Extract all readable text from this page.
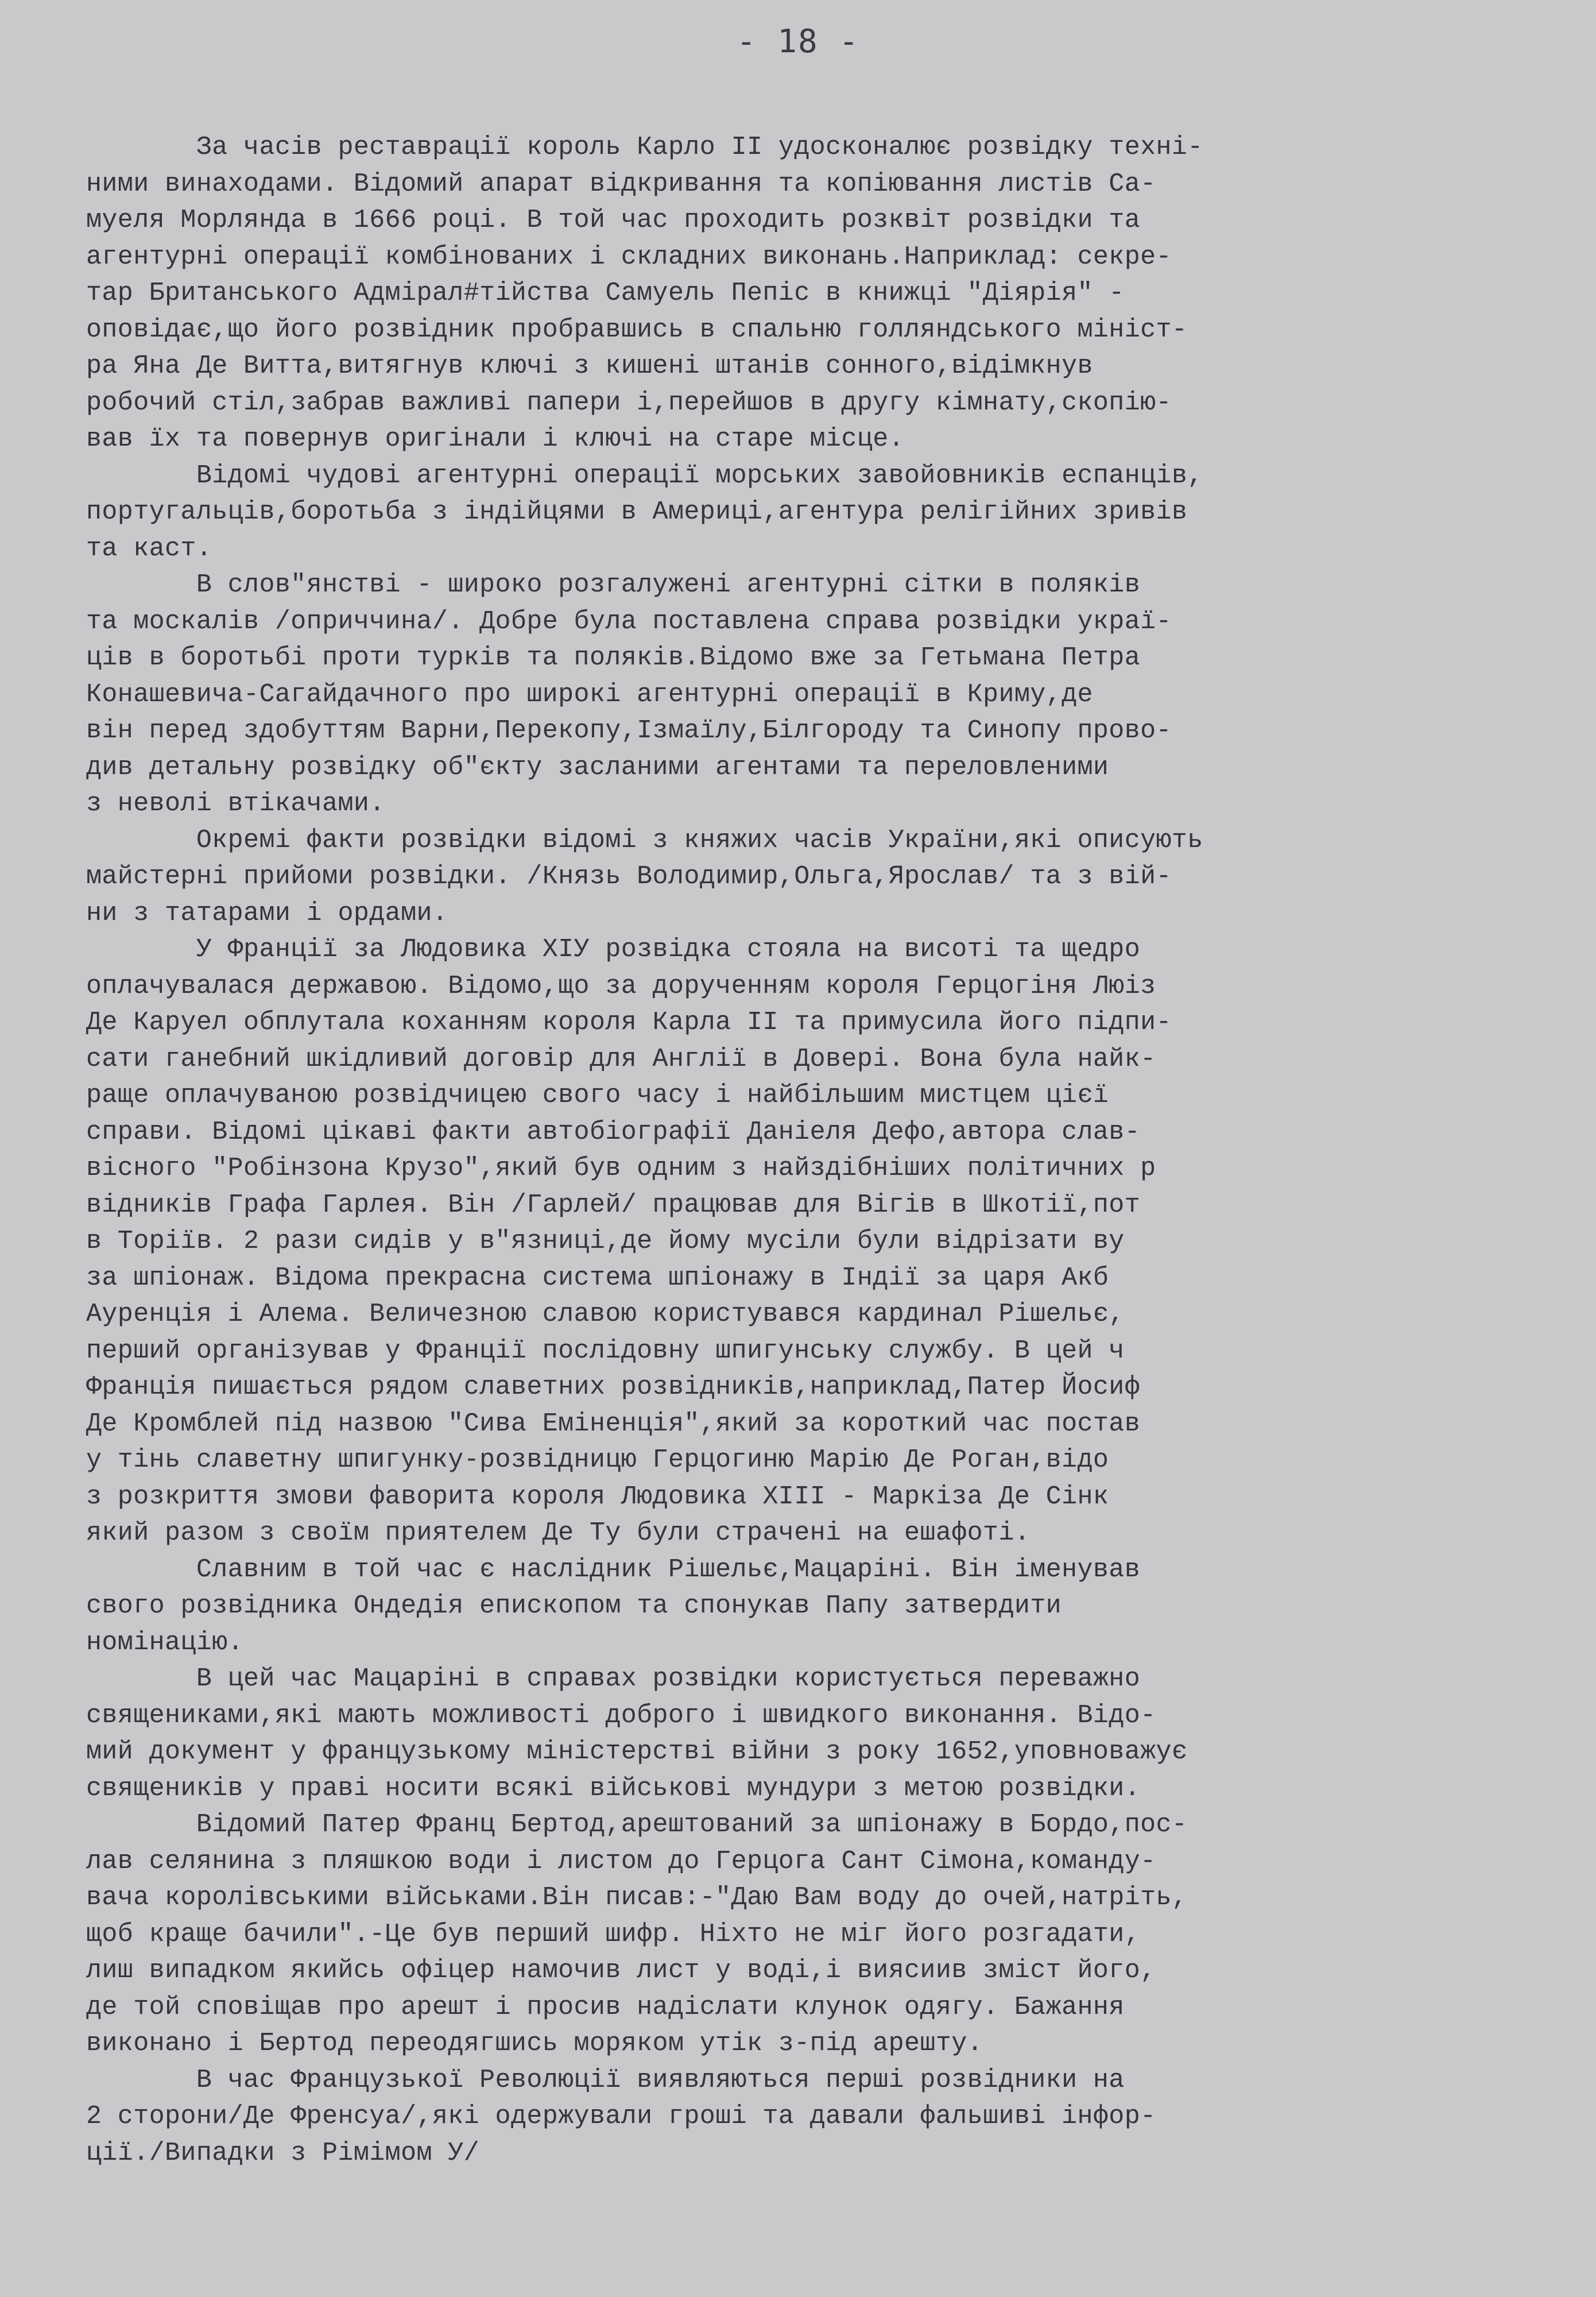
- 18 -
За часів реставрації король Карло II удосконалює розвідку техні-
ними винаходами. Відомий апарат відкривання та копіювання листів Са-
муеля Морлянда в 1666 році. В той час проходить розквіт розвідки та
агентурні операції комбінованих і складних виконань.Наприклад: секре-
тар Британського Адмірал#тійства Самуель Пепіс в книжці "Діярія" -
оповідає,що його розвідник пробравшись в спальню голляндського мініст-
ра Яна Де Витта,витягнув ключі з кишені штанів сонного,відімкнув
робочий стіл,забрав важливі папери і,перейшов в другу кімнату,скопію-
вав їх та повернув оригінали і ключі на старе місце.
Відомі чудові агентурні операції морських завойовників еспанців,
португальців,боротьба з індійцями в Америці,агентура релігійних зривів
та каст.
В слов"янстві - широко розгалужені агентурні сітки в поляків
та москалів /оприччина/. Добре була поставлена справа розвідки украї-
ців в боротьбі проти турків та поляків.Відомо вже за Гетьмана Петра
Конашевича-Сагайдачного про широкі агентурні операції в Криму,де
він перед здобуттям Варни,Перекопу,Ізмаїлу,Білгороду та Синопу прово-
див детальну розвідку об"єкту засланими агентами та переловленими
з неволі втікачами.
Окремі факти розвідки відомі з княжих часів України,які описують
майстерні прийоми розвідки. /Князь Володимир,Ольга,Ярослав/ та з вій-
ни з татарами і ордами.
У Франції за Людовика XIУ розвідка стояла на висоті та щедро
оплачувалася державою. Відомо,що за дорученням короля Герцогіня Люіз
Де Каруел обплутала коханням короля Карла II та примусила його підпи-
сати ганебний шкідливий договір для Англії в Довері. Вона була найк-
раще оплачуваною розвідчицею свого часу і найбільшим мистцем цієї
справи. Відомі цікаві факти автобіографії Даніеля Дефо,автора слав-
вісного "Робінзона Крузо",який був одним з найздібніших політичних р
відників Графа Гарлея. Він /Гарлей/ працював для Вігів в Шкотії,пот
в Торіїв. 2 рази сидів у в"язниці,де йому мусіли були відрізати ву
за шпіонаж. Відома прекрасна система шпіонажу в Індії за царя Акб
Ауренція і Алема. Величезною славою користувався кардинал Рішельє,
перший організував у Франції послідовну шпигунську службу. В цей ч
Франція пишається рядом славетних розвідників,наприклад,Патер Йосиф
Де Кромблей під назвою "Сива Еміненція",який за короткий час постав
у тінь славетну шпигунку-розвідницю Герцогиню Марію Де Роган,відо
з розкриття змови фаворита короля Людовика XIII - Маркіза Де Сінк
який разом з своїм приятелем Де Ту були страчені на ешафоті.
Славним в той час є наслідник Рішельє,Мацаріні. Він іменував
свого розвідника Ондедія епископом та спонукав Папу затвердити
номінацію.
В цей час Мацаріні в справах розвідки користується переважно
священиками,які мають можливості доброго і швидкого виконання. Відо-
мий документ у французькому міністерстві війни з року 1652,уповноважує
священиків у праві носити всякі військові мундури з метою розвідки.
Відомий Патер Франц Бертод,арештований за шпіонажу в Бордо,пос-
лав селянина з пляшкою води і листом до Герцога Сант Сімона,команду-
вача королівськими військами.Він писав:-"Даю Вам воду до очей,натріть,
щоб краще бачили".-Це був перший шифр. Ніхто не міг його розгадати,
лиш випадком якийсь офіцер намочив лист у воді,і виясиив зміст його,
де той сповіщав про арешт і просив надіслати клунок одягу. Бажання
виконано і Бертод переодягшись моряком утік з-під арешту.
В час Французької Революції виявляються перші розвідники на
2 сторони/Де Френсуа/,які одержували гроші та давали фальшиві інфор-
ції./Випадки з Рімімом У/
